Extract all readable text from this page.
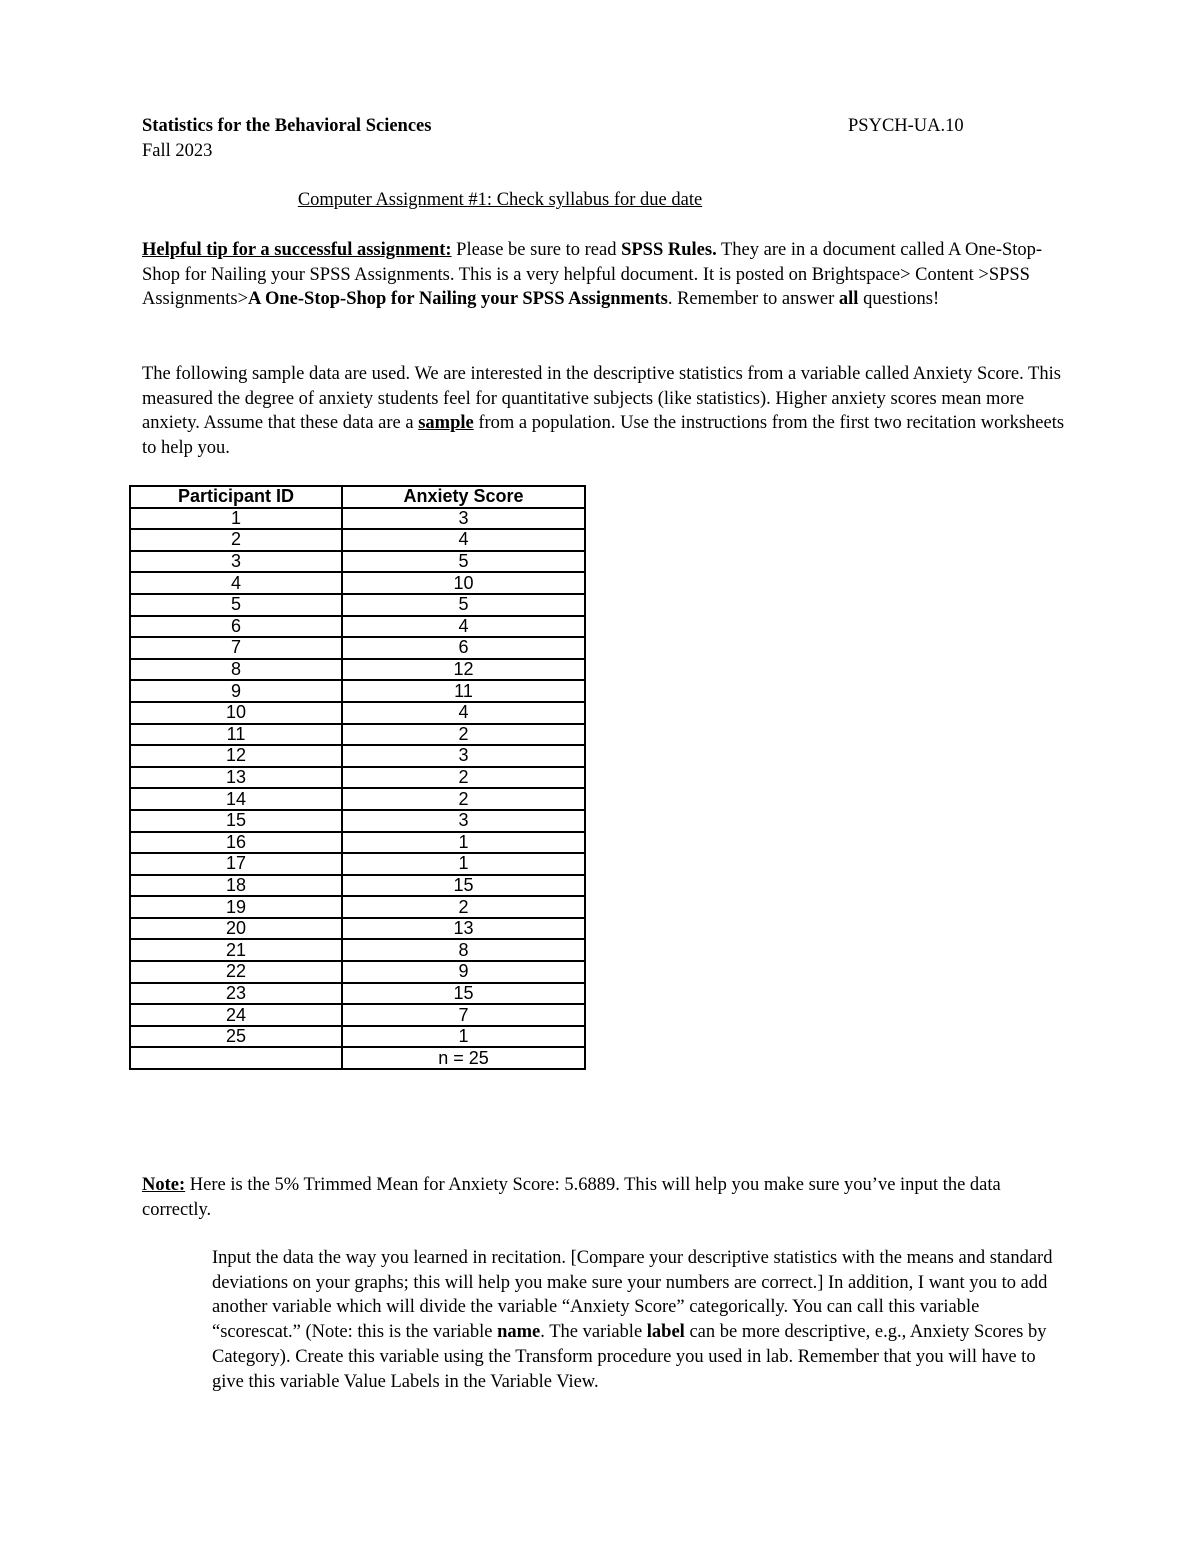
Statistics for the Behavioral Sciences	PSYCH-UA.10
Fall 2023
Computer Assignment #1: Check syllabus for due date
Helpful tip for a successful assignment: Please be sure to read SPSS Rules. They are in a document called A One-Stop-Shop for Nailing your SPSS Assignments. This is a very helpful document. It is posted on Brightspace> Content >SPSS Assignments>A One-Stop-Shop for Nailing your SPSS Assignments. Remember to answer all questions!
The following sample data are used. We are interested in the descriptive statistics from a variable called Anxiety Score. This measured the degree of anxiety students feel for quantitative subjects (like statistics). Higher anxiety scores mean more anxiety. Assume that these data are a sample from a population. Use the instructions from the first two recitation worksheets to help you.
Participant ID	Anxiety Score
1	3
2	4
3	5
4	10
5	5
6	4
7	6
8	12
9	11
10	4
11	2
12	3
13	2
14	2
15	3
16	1
17	1
18	15
19	2
20	13
21	8
22	9
23	15
24	7
25	1
	n = 25
Note: Here is the 5% Trimmed Mean for Anxiety Score: 5.6889. This will help you make sure you’ve input the data correctly.
Input the data the way you learned in recitation. [Compare your descriptive statistics with the means and standard deviations on your graphs; this will help you make sure your numbers are correct.] In addition, I want you to add another variable which will divide the variable “Anxiety Score” categorically. You can call this variable “scorescat.” (Note: this is the variable name. The variable label can be more descriptive, e.g., Anxiety Scores by Category). Create this variable using the Transform procedure you used in lab. Remember that you will have to give this variable Value Labels in the Variable View.
